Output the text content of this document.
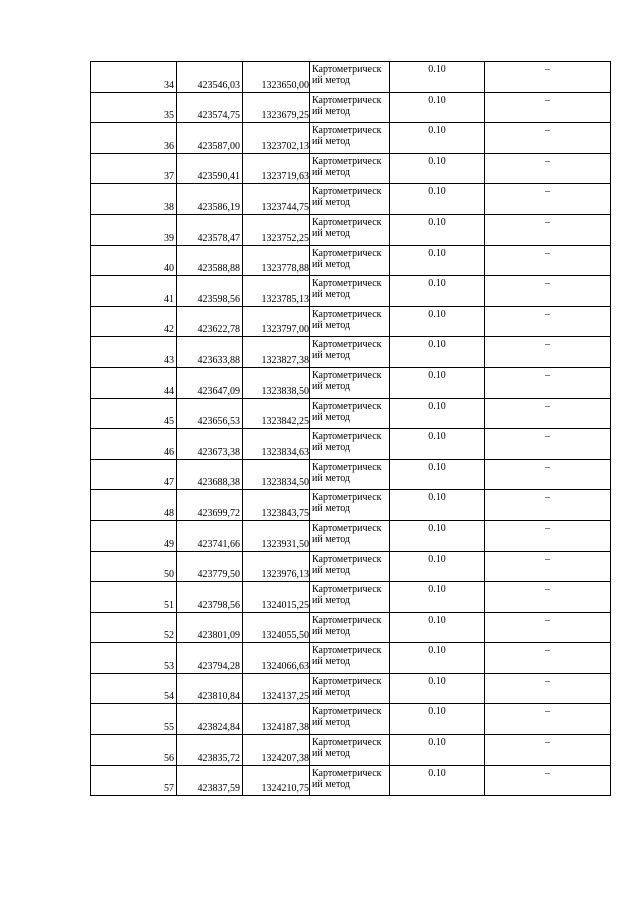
34	423546,03	1323650,00	Картометрическ
ий метод	0.10	–
35	423574,75	1323679,25	Картометрическ
ий метод	0.10	–
36	423587,00	1323702,13	Картометрическ
ий метод	0.10	–
37	423590,41	1323719,63	Картометрическ
ий метод	0.10	–
38	423586,19	1323744,75	Картометрическ
ий метод	0.10	–
39	423578,47	1323752,25	Картометрическ
ий метод	0.10	–
40	423588,88	1323778,88	Картометрическ
ий метод	0.10	–
41	423598,56	1323785,13	Картометрическ
ий метод	0.10	–
42	423622,78	1323797,00	Картометрическ
ий метод	0.10	–
43	423633,88	1323827,38	Картометрическ
ий метод	0.10	–
44	423647,09	1323838,50	Картометрическ
ий метод	0.10	–
45	423656,53	1323842,25	Картометрическ
ий метод	0.10	–
46	423673,38	1323834,63	Картометрическ
ий метод	0.10	–
47	423688,38	1323834,50	Картометрическ
ий метод	0.10	–
48	423699,72	1323843,75	Картометрическ
ий метод	0.10	–
49	423741,66	1323931,50	Картометрическ
ий метод	0.10	–
50	423779,50	1323976,13	Картометрическ
ий метод	0.10	–
51	423798,56	1324015,25	Картометрическ
ий метод	0.10	–
52	423801,09	1324055,50	Картометрическ
ий метод	0.10	–
53	423794,28	1324066,63	Картометрическ
ий метод	0.10	–
54	423810,84	1324137,25	Картометрическ
ий метод	0.10	–
55	423824,84	1324187,38	Картометрическ
ий метод	0.10	–
56	423835,72	1324207,38	Картометрическ
ий метод	0.10	–
57	423837,59	1324210,75	Картометрическ
ий метод	0.10	–
